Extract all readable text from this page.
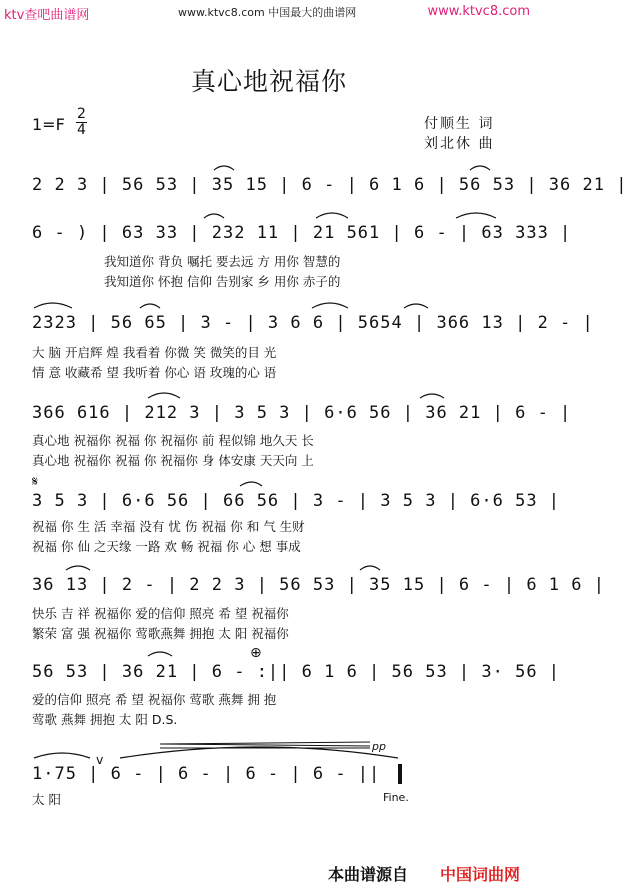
ktv查吧曲谱网	www.ktvc8.com 中国最大的曲谱网	www.ktvc8.com
真心地祝福你
1=F
2
4	付顺生 词
刘北休 曲
2 2 3 | 56 53 | 35 15 | 6 - | 6 1 6 | 56 53 | 36 21 |
6 - ) | 63 33 | 232 11 | 21 561 | 6 - | 63 333 |
我知道你 背负 嘱托 要去远 方 用你 智慧的
我知道你 怀抱 信仰 告别家 乡 用你 赤子的
2323 | 56 65 | 3 - | 3 6 6 | 5654 | 366 13 | 2 - |
大 脑 开启辉 煌 我看着 你微 笑 微笑的目 光
情 意 收藏希 望 我听着 你心 语 玫瑰的心 语
366 616 | 212 3 | 3 5 3 | 6·6 56 | 36 21 | 6 - |
真心地 祝福你 祝福 你 祝福你 前 程似锦 地久天 长
真心地 祝福你 祝福 你 祝福你 身 体安康 天天向 上
𝄋
3 5 3 | 6·6 56 | 66 56 | 3 - | 3 5 3 | 6·6 53 |
祝福 你 生 活 幸福 没有 忧 伤 祝福 你 和 气 生财
祝福 你 仙 之天缘 一路 欢 畅 祝福 你 心 想 事成
36 13 | 2 - | 2 2 3 | 56 53 | 35 15 | 6 - | 6 1 6 |
快乐 吉 祥 祝福你 爱的信仰 照亮 希 望 祝福你
繁荣 富 强 祝福你 莺歌燕舞 拥抱 太 阳 祝福你
⊕
56 53 | 36 21 | 6 - :|| 6 1 6 | 56 53 | 3· 56 |
爱的信仰 照亮 希 望 祝福你 莺歌 燕舞 拥 抱
莺歌 燕舞 拥抱 太 阳 D.S.
pp
v
1·75 | 6 - | 6 - | 6 - | 6 - ||
太 阳	Fine.
本曲谱源自 中国词曲网
